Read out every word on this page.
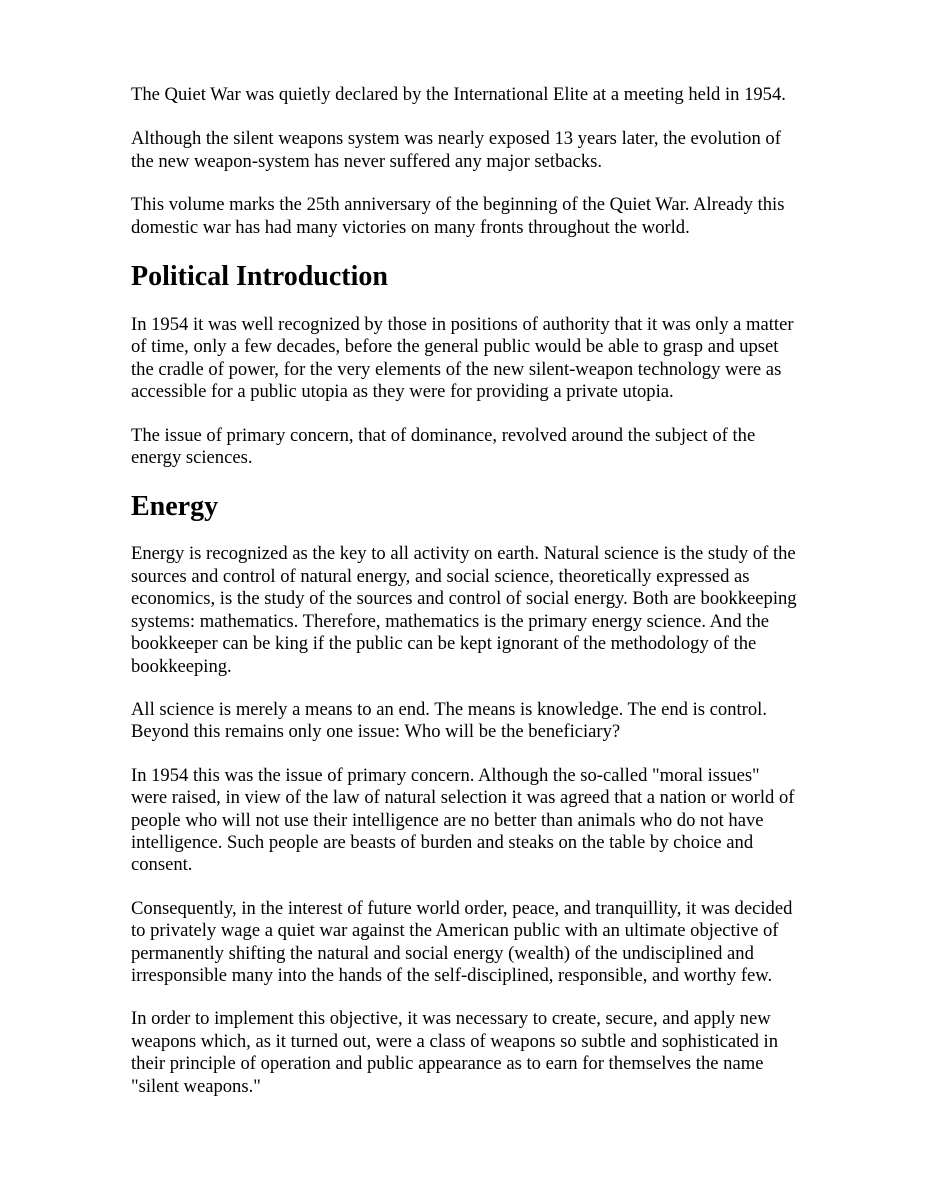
The Quiet War was quietly declared by the International Elite at a meeting held in 1954.

Although the silent weapons system was nearly exposed 13 years later, the evolution of
the new weapon-system has never suffered any major setbacks.

This volume marks the 25th anniversary of the beginning of the Quiet War. Already this
domestic war has had many victories on many fronts throughout the world.

Political Introduction

In 1954 it was well recognized by those in positions of authority that it was only a matter
of time, only a few decades, before the general public would be able to grasp and upset
the cradle of power, for the very elements of the new silent-weapon technology were as
accessible for a public utopia as they were for providing a private utopia.

The issue of primary concern, that of dominance, revolved around the subject of the
energy sciences.

Energy

Energy is recognized as the key to all activity on earth. Natural science is the study of the
sources and control of natural energy, and social science, theoretically expressed as
economics, is the study of the sources and control of social energy. Both are bookkeeping
systems: mathematics. Therefore, mathematics is the primary energy science. And the
bookkeeper can be king if the public can be kept ignorant of the methodology of the
bookkeeping.

All science is merely a means to an end. The means is knowledge. The end is control.
Beyond this remains only one issue: Who will be the beneficiary?

In 1954 this was the issue of primary concern. Although the so-called "moral issues"
were raised, in view of the law of natural selection it was agreed that a nation or world of
people who will not use their intelligence are no better than animals who do not have
intelligence. Such people are beasts of burden and steaks on the table by choice and
consent.

Consequently, in the interest of future world order, peace, and tranquillity, it was decided
to privately wage a quiet war against the American public with an ultimate objective of
permanently shifting the natural and social energy (wealth) of the undisciplined and
irresponsible many into the hands of the self-disciplined, responsible, and worthy few.

In order to implement this objective, it was necessary to create, secure, and apply new
weapons which, as it turned out, were a class of weapons so subtle and sophisticated in
their principle of operation and public appearance as to earn for themselves the name
"silent weapons."
